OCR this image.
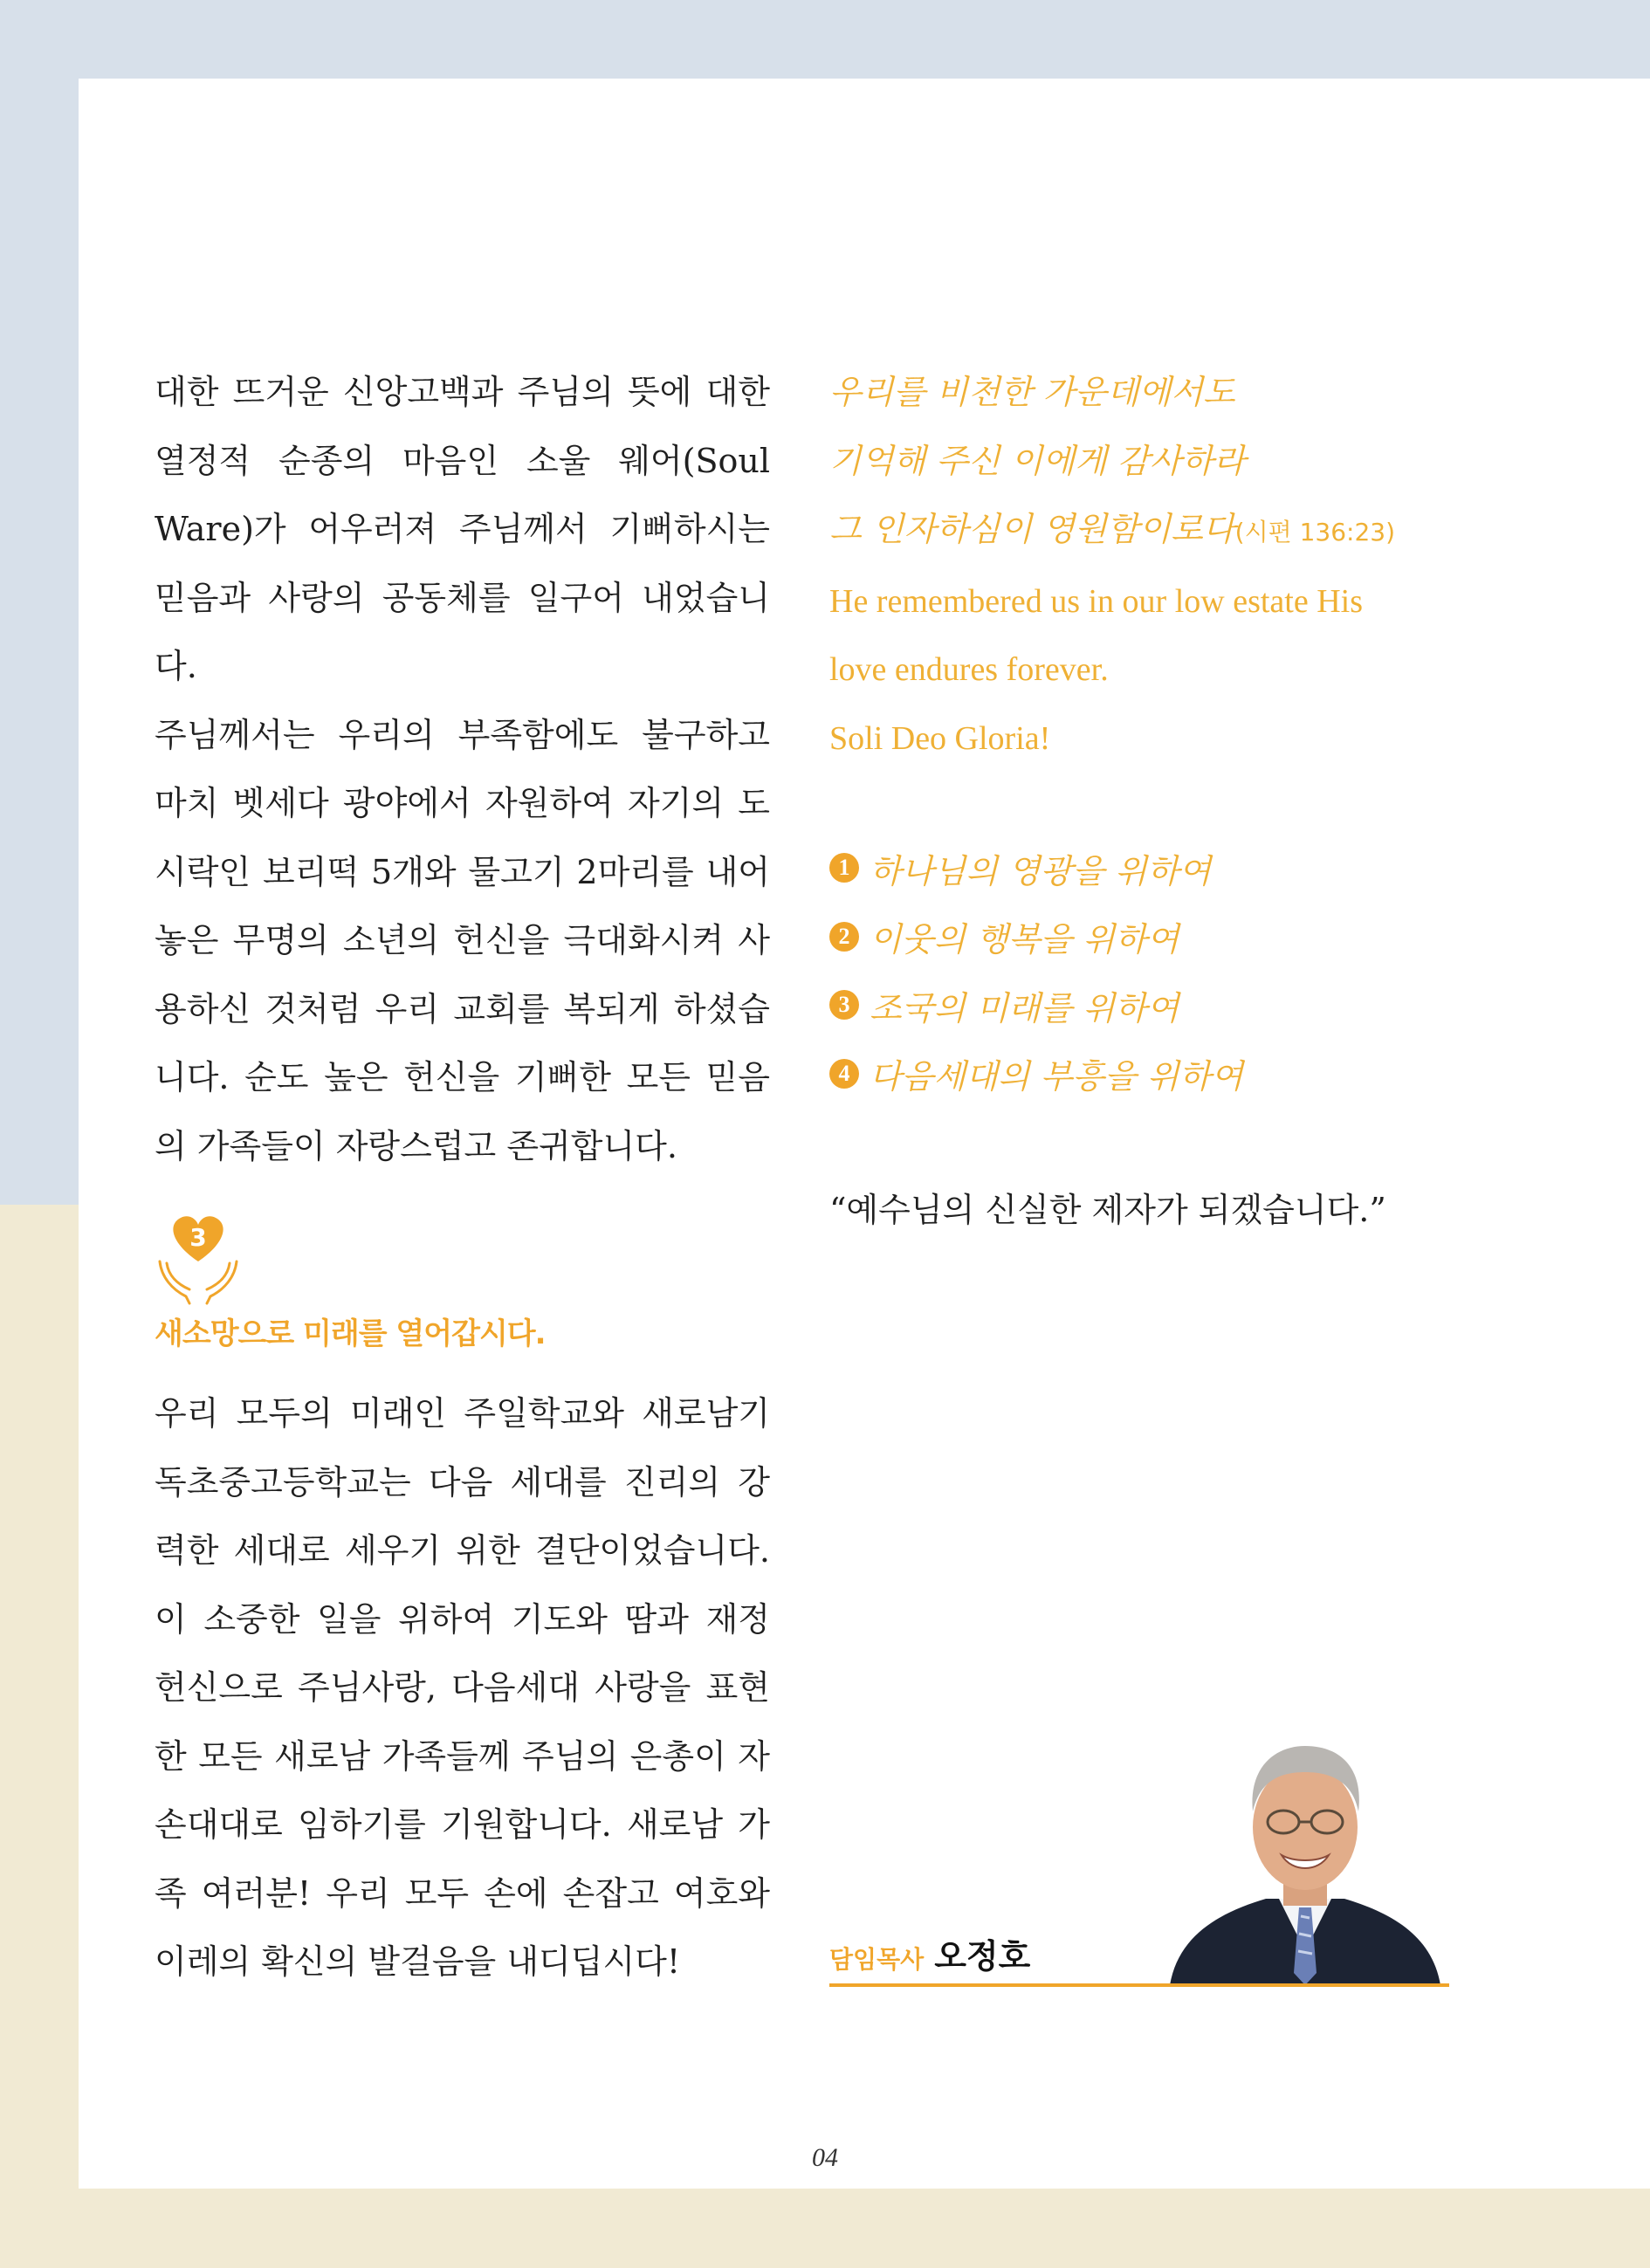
대한 뜨거운 신앙고백과 주님의 뜻에 대한 열정적 순종의 마음인 소울 웨어(Soul Ware)가 어우러져 주님께서 기뻐하시는 믿음과 사랑의 공동체를 일구어 내었습니다.

주님께서는 우리의 부족함에도 불구하고 마치 벳세다 광야에서 자원하여 자기의 도시락인 보리떡 5개와 물고기 2마리를 내어놓은 무명의 소년의 헌신을 극대화시켜 사용하신 것처럼 우리 교회를 복되게 하셨습니다. 순도 높은 헌신을 기뻐한 모든 믿음의 가족들이 자랑스럽고 존귀합니다.

우리를 비천한 가운데에서도

기억해 주신 이에게 감사하라

그 인자하심이 영원함이로다(시편 136:23)

He remembered us in our low estate His

love endures forever.

Soli Deo Gloria!

1 하나님의 영광을 위하여
2 이웃의 행복을 위하여
3 조국의 미래를 위하여
4 다음세대의 부흥을 위하여
“예수님의 신실한 제자가 되겠습니다.”
3
새소망으로 미래를 열어갑시다.

우리 모두의 미래인 주일학교와 새로남기독초중고등학교는 다음 세대를 진리의 강력한 세대로 세우기 위한 결단이었습니다. 이 소중한 일을 위하여 기도와 땀과 재정 헌신으로 주님사랑, 다음세대 사랑을 표현한 모든 새로남 가족들께 주님의 은총이 자손대대로 임하기를 기원합니다. 새로남 가족 여러분! 우리 모두 손에 손잡고 여호와 이레의 확신의 발걸음을 내디딥시다!	담임목사 오정호
04
